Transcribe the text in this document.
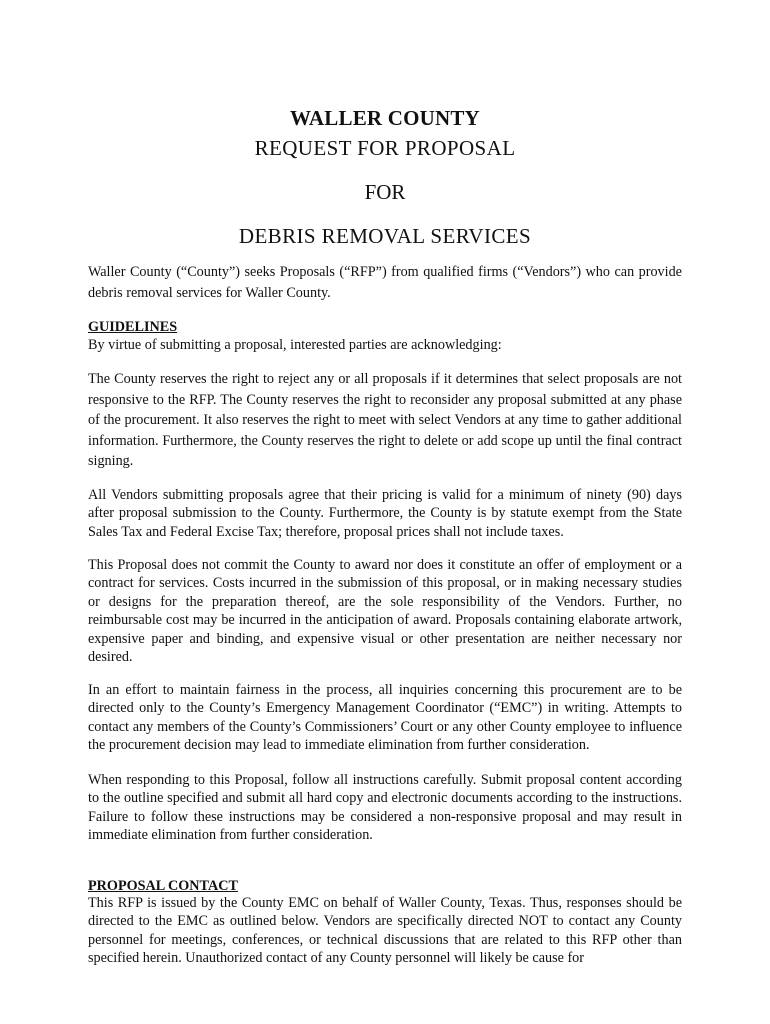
WALLER COUNTY
REQUEST FOR PROPOSAL
FOR
DEBRIS REMOVAL SERVICES

Waller County (“County”) seeks Proposals (“RFP”) from qualified firms (“Vendors”) who can provide debris removal services for Waller County.

GUIDELINES

By virtue of submitting a proposal, interested parties are acknowledging:

The County reserves the right to reject any or all proposals if it determines that select proposals are not responsive to the RFP. The County reserves the right to reconsider any proposal submitted at any phase of the procurement. It also reserves the right to meet with select Vendors at any time to gather additional information. Furthermore, the County reserves the right to delete or add scope up until the final contract signing.

All Vendors submitting proposals agree that their pricing is valid for a minimum of ninety (90) days after proposal submission to the County. Furthermore, the County is by statute exempt from the State Sales Tax and Federal Excise Tax; therefore, proposal prices shall not include taxes.

This Proposal does not commit the County to award nor does it constitute an offer of employment or a contract for services. Costs incurred in the submission of this proposal, or in making necessary studies or designs for the preparation thereof, are the sole responsibility of the Vendors. Further, no reimbursable cost may be incurred in the anticipation of award. Proposals containing elaborate artwork, expensive paper and binding, and expensive visual or other presentation are neither necessary nor desired.

In an effort to maintain fairness in the process, all inquiries concerning this procurement are to be directed only to the County’s Emergency Management Coordinator (“EMC”) in writing. Attempts to contact any members of the County’s Commissioners’ Court or any other County employee to influence the procurement decision may lead to immediate elimination from further consideration.

When responding to this Proposal, follow all instructions carefully. Submit proposal content according to the outline specified and submit all hard copy and electronic documents according to the instructions. Failure to follow these instructions may be considered a non-responsive proposal and may result in immediate elimination from further consideration.

PROPOSAL CONTACT

This RFP is issued by the County EMC on behalf of Waller County, Texas. Thus, responses should be directed to the EMC as outlined below. Vendors are specifically directed NOT to contact any County personnel for meetings, conferences, or technical discussions that are related to this RFP other than specified herein. Unauthorized contact of any County personnel will likely be cause for
